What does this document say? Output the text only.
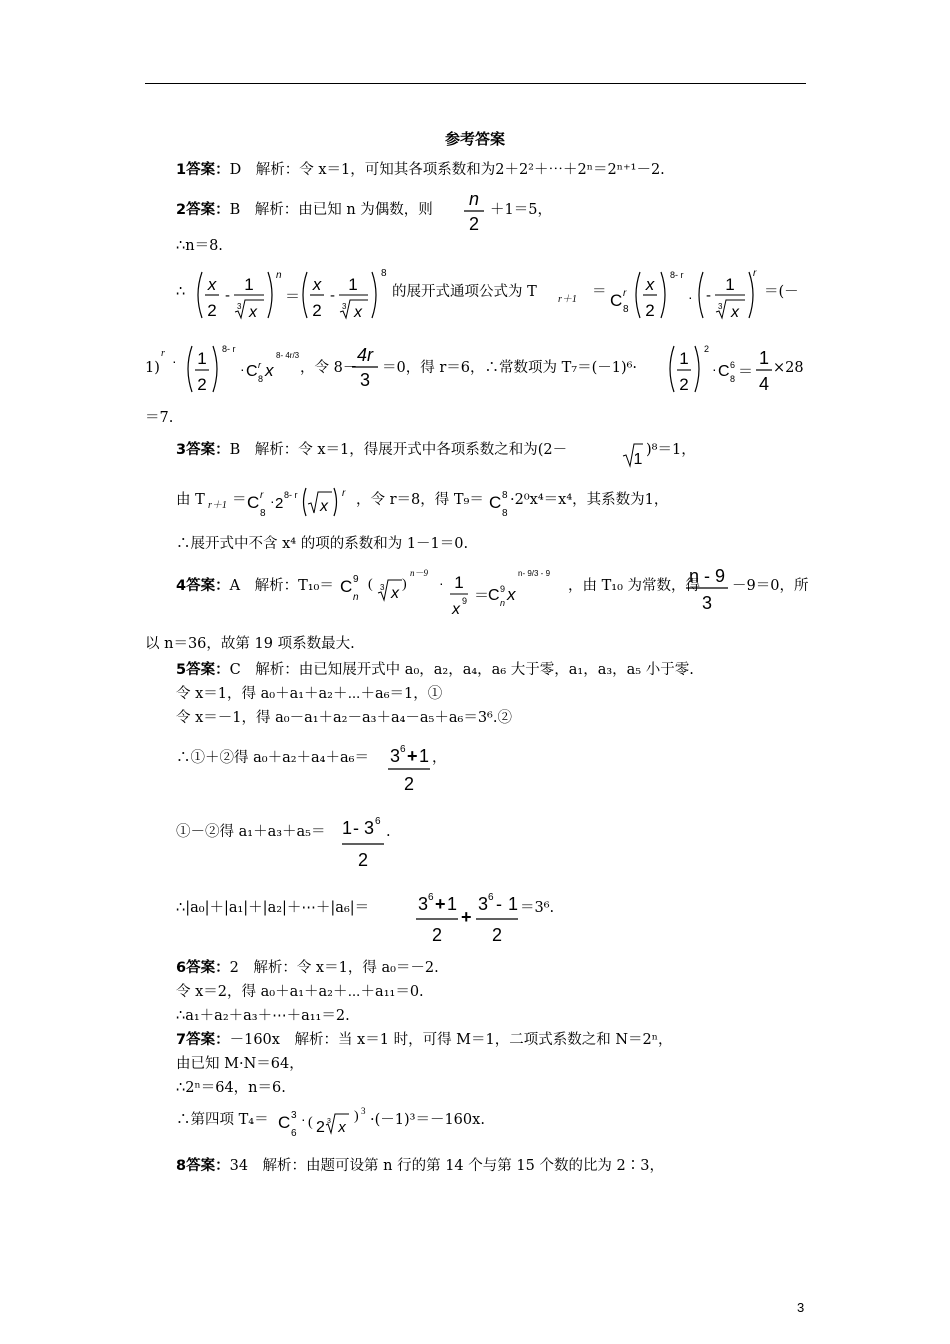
参考答案
1答案：D　解析：令 x＝1，可知其各项系数和为2＋2²＋⋯＋2ⁿ＝2ⁿ⁺¹－2.
2答案：B　解析：由已知 n 为偶数，则
n
2
＋1＝5，
∴n＝8.
∴ x
2
-
1
3 x
n
＝
x
2
-
1
3 x
8
的展开式通项公式为 T r＋1 ＝ C r
8
x
2
8- r
· -
1
3 x
r
＝(－
1)
r · 1
2
8- r
· C r
8 x
8- 4r/3
，令 8－
4r
3
＝0，得 r＝6，∴常数项为 T₇＝(－1)⁶· 1
2
2
· C 6
8 ＝
1
4
×28
＝7.
3答案：B　解析：令 x＝1，得展开式中各项系数之和为(2－
1
)⁸＝1，
由 T r＋1 ＝ C r
8
· 2 8- r
x
r ，令 r＝8，得 T₉＝ C 8
8
·2⁰x⁴＝x⁴，其系数为1，
∴展开式中不含 x⁴ 的项的系数和为 1－1＝0.
4答案：A　解析：T₁₀＝ C 9
n
( 3 x
)
n－9
· 1
x 9 ＝
C 9
n x
n- 9/3 - 9
，由 T₁₀ 为常数，得
n - 9
3
－9＝0，所
以 n＝36，故第 19 项系数最大.
5答案：C　解析：由已知展开式中 a₀，a₂，a₄，a₆ 大于零，a₁，a₃，a₅ 小于零.
令 x＝1，得 a₀＋a₁＋a₂＋⋯＋a₆＝1，①
令 x＝－1，得 a₀－a₁＋a₂－a₃＋a₄－a₅＋a₆＝3⁶.②
∴①＋②得 a₀＋a₂＋a₄＋a₆＝ 3 6 + 1
2
，
①－②得 a₁＋a₃＋a₅＝ 1 - 3 6
2
.
∴|a₀|＋|a₁|＋|a₂|＋⋯＋|a₆|＝	3 6 + 1
2
+
3 6 - 1
2
＝3⁶.
6答案：2　解析：令 x＝1，得 a₀＝－2.
令 x＝2，得 a₀＋a₁＋a₂＋⋯＋a₁₁＝0.
∴a₁＋a₂＋a₃＋⋯＋a₁₁＝2.
7答案：－160x　解析：当 x＝1 时，可得 M＝1，二项式系数之和 N＝2ⁿ，
由已知 M·N＝64，
∴2ⁿ＝64，n＝6.
∴第四项 T₄＝ C 3
6
· ( 2 3 x
) 3
·(－1)³＝－160x.
8答案：34　解析：由题可设第 n 行的第 14 个与第 15 个数的比为 2∶3，
3
